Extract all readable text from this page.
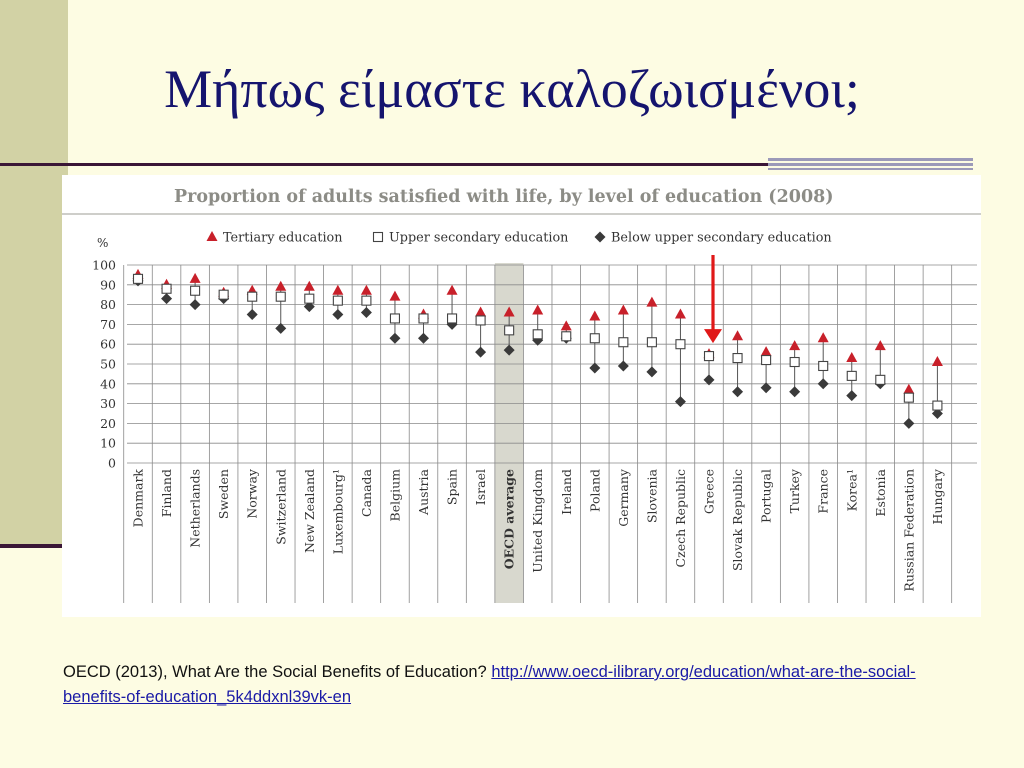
Μήπως είμαστε καλοζωισμένοι;
Proportion of adults satisfied with life, by level of education (2008)
0
10
20
30
40
50
60
70
80
90
100
%
Denmark Finland Netherlands Sweden Norway Switzerland New Zealand Luxembourg¹ Canada Belgium Austria Spain Israel OECD average United Kingdom Ireland Poland Germany Slovenia Czech Republic Greece Slovak Republic Portugal Turkey France Korea¹ Estonia Russian Federation Hungary
Tertiary education	Upper secondary education	Below upper secondary education
OECD (2013), What Are the Social Benefits of Education? http://www.oecd-ilibrary.org/education/what-are-the-social-benefits-of-education_5k4ddxnl39vk-en
